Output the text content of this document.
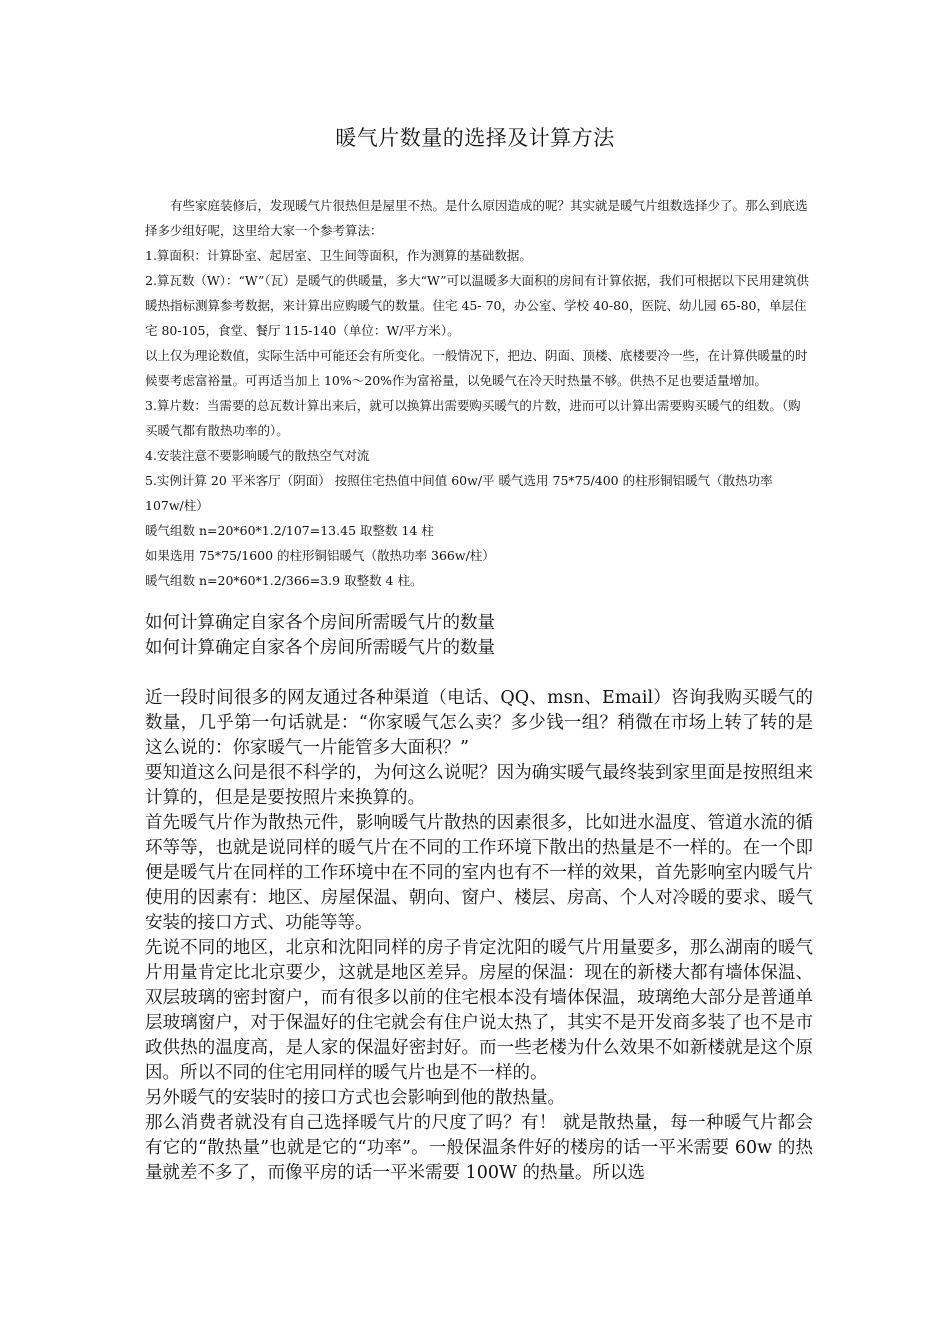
暖气片数量的选择及计算方法

有些家庭装修后，发现暖气片很热但是屋里不热。是什么原因造成的呢？其实就是暖气片组数选择少了。那么到底选择多少组好呢，这里给大家一个参考算法：

1.算面积：计算卧室、起居室、卫生间等面积，作为测算的基础数据。

2.算瓦数（W）：“W”（瓦）是暖气的供暖量，多大“W”可以温暖多大面积的房间有计算依据，我们可根据以下民用建筑供暖热指标测算参考数据，来计算出应购暖气的数量。住宅 45- 70，办公室、学校 40-80，医院、幼儿园 65-80，单层住宅 80-105，食堂、餐厅 115-140（单位：W/平方米）。

以上仅为理论数值，实际生活中可能还会有所变化。一般情况下，把边、阴面、顶楼、底楼要冷一些，在计算供暖量的时候要考虑富裕量。可再适当加上 10%～20%作为富裕量，以免暖气在冷天时热量不够。供热不足也要适量增加。

3.算片数：当需要的总瓦数计算出来后，就可以换算出需要购买暖气的片数，进而可以计算出需要购买暖气的组数。（购买暖气都有散热功率的）。

4.安装注意不要影响暖气的散热空气对流

5.实例计算 20 平米客厅（阴面） 按照住宅热值中间值 60w/平 暖气选用 75*75/400 的柱形铜铝暖气（散热功率 107w/柱）

暖气组数 n=20*60*1.2/107=13.45 取整数 14 柱

如果选用 75*75/1600 的柱形铜铝暖气（散热功率 366w/柱）

暖气组数 n=20*60*1.2/366=3.9 取整数 4 柱。

如何计算确定自家各个房间所需暖气片的数量

如何计算确定自家各个房间所需暖气片的数量

近一段时间很多的网友通过各种渠道（电话、QQ、msn、Email）咨询我购买暖气的数量，几乎第一句话就是：“你家暖气怎么卖？多少钱一组？稍微在市场上转了转的是这么说的：你家暖气一片能管多大面积？”

要知道这么问是很不科学的，为何这么说呢？因为确实暖气最终装到家里面是按照组来计算的，但是是要按照片来换算的。

首先暖气片作为散热元件，影响暖气片散热的因素很多，比如进水温度、管道水流的循环等等，也就是说同样的暖气片在不同的工作环境下散出的热量是不一样的。在一个即便是暖气片在同样的工作环境中在不同的室内也有不一样的效果，首先影响室内暖气片使用的因素有：地区、房屋保温、朝向、窗户、楼层、房高、个人对冷暖的要求、暖气安装的接口方式、功能等等。

先说不同的地区，北京和沈阳同样的房子肯定沈阳的暖气片用量要多，那么湖南的暖气片用量肯定比北京要少，这就是地区差异。房屋的保温：现在的新楼大都有墙体保温、双层玻璃的密封窗户，而有很多以前的住宅根本没有墙体保温，玻璃绝大部分是普通单层玻璃窗户，对于保温好的住宅就会有住户说太热了，其实不是开发商多装了也不是市政供热的温度高，是人家的保温好密封好。而一些老楼为什么效果不如新楼就是这个原因。所以不同的住宅用同样的暖气片也是不一样的。

另外暖气的安装时的接口方式也会影响到他的散热量。

那么消费者就没有自己选择暖气片的尺度了吗？有！ 就是散热量，每一种暖气片都会有它的“散热量”也就是它的“功率”。一般保温条件好的楼房的话一平米需要 60w 的热量就差不多了，而像平房的话一平米需要 100W 的热量。所以选
